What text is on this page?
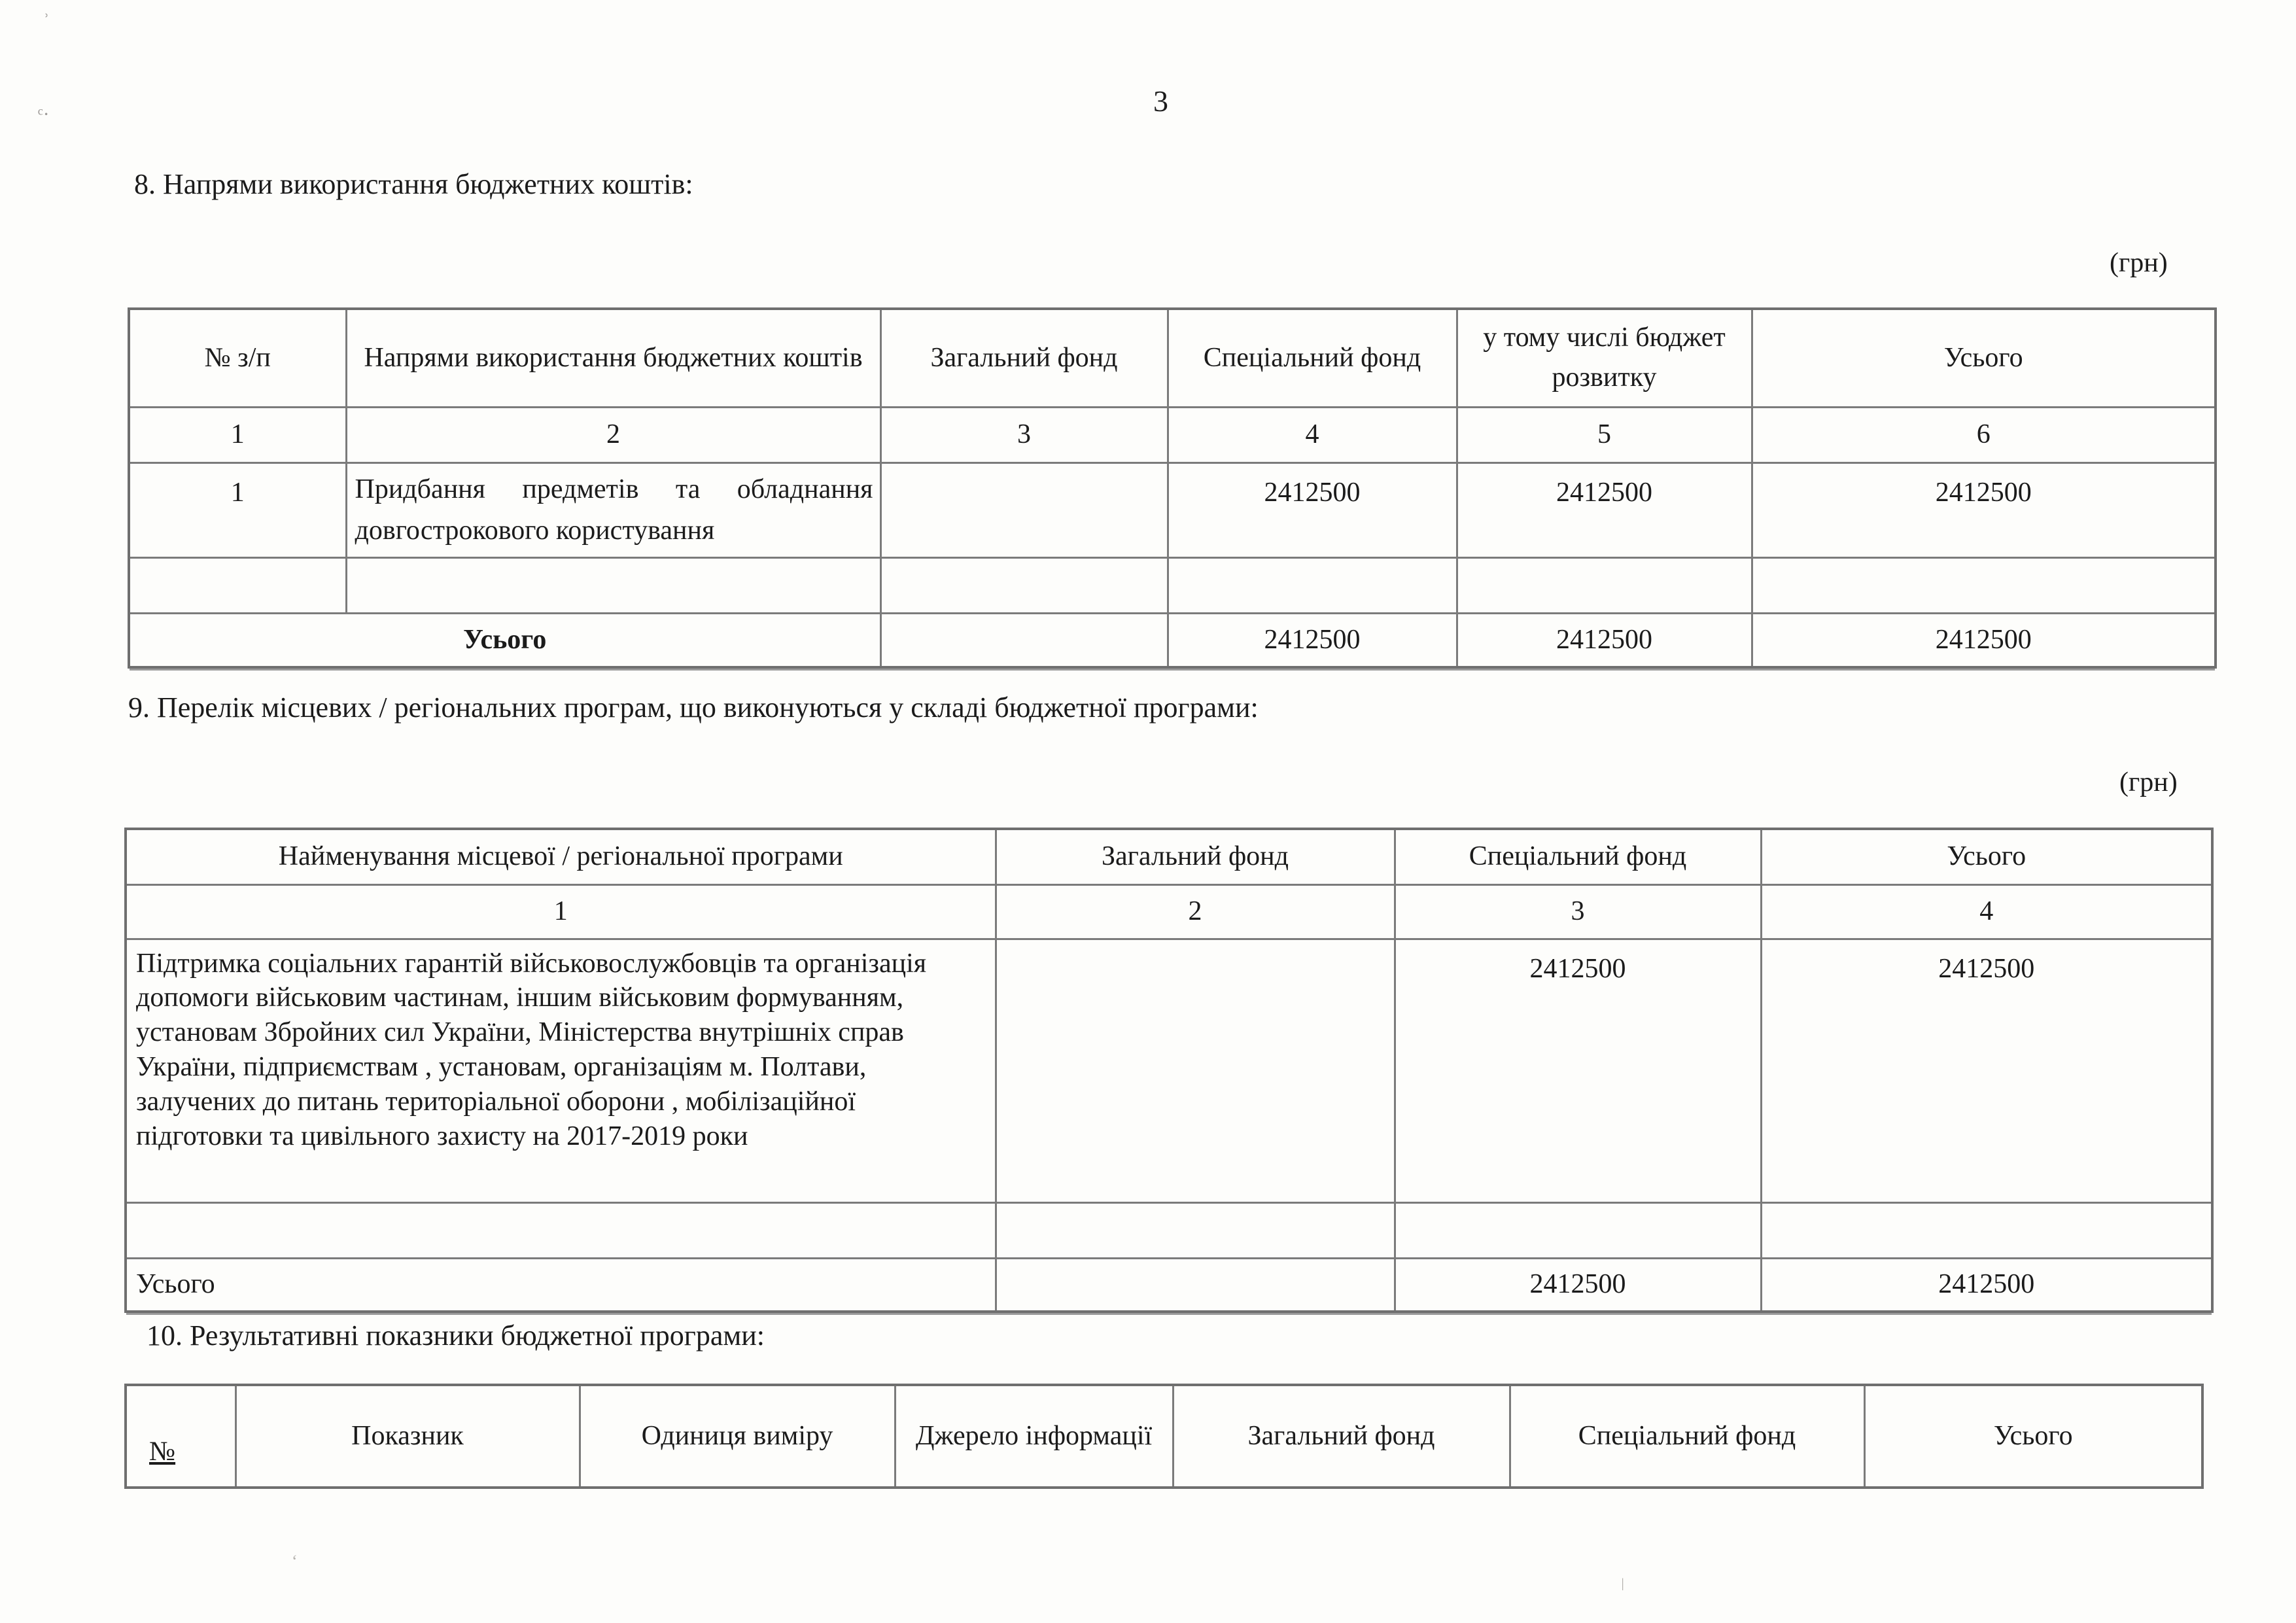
ʾ
ᶜ·
ʻ
ǀ
3
8. Напрями використання бюджетних коштів:
(грн)
№ з/п	Напрями використання бюджетних коштів	Загальний фонд	Спеціальний фонд	у тому числі бюджет розвитку	Усього
1	2	3	4	5	6
1	Придбання предметів та обладнання довгострокового користування		2412500	2412500	2412500

Усього			2412500	2412500	2412500
9. Перелік місцевих / регіональних програм, що виконуються у складі бюджетної програми:
(грн)
Найменування місцевої / регіональної програми	Загальний фонд	Спеціальний фонд	Усього
1	2	3	4
Підтримка соціальних гарантій військовослужбовців та організація допомоги військовим частинам, іншим військовим формуванням, установам Збройних сил України, Міністерства внутрішніх справ України, підприємствам , установам, організаціям м. Полтави, залучених до питань територіальної оборони , мобілізаційної підготовки та цивільного захисту на 2017-2019 роки		2412500	2412500

Усього		2412500	2412500
10. Результативні показники бюджетної програми:
№	Показник	Одиниця виміру	Джерело інформації	Загальний фонд	Спеціальний фонд	Усього
